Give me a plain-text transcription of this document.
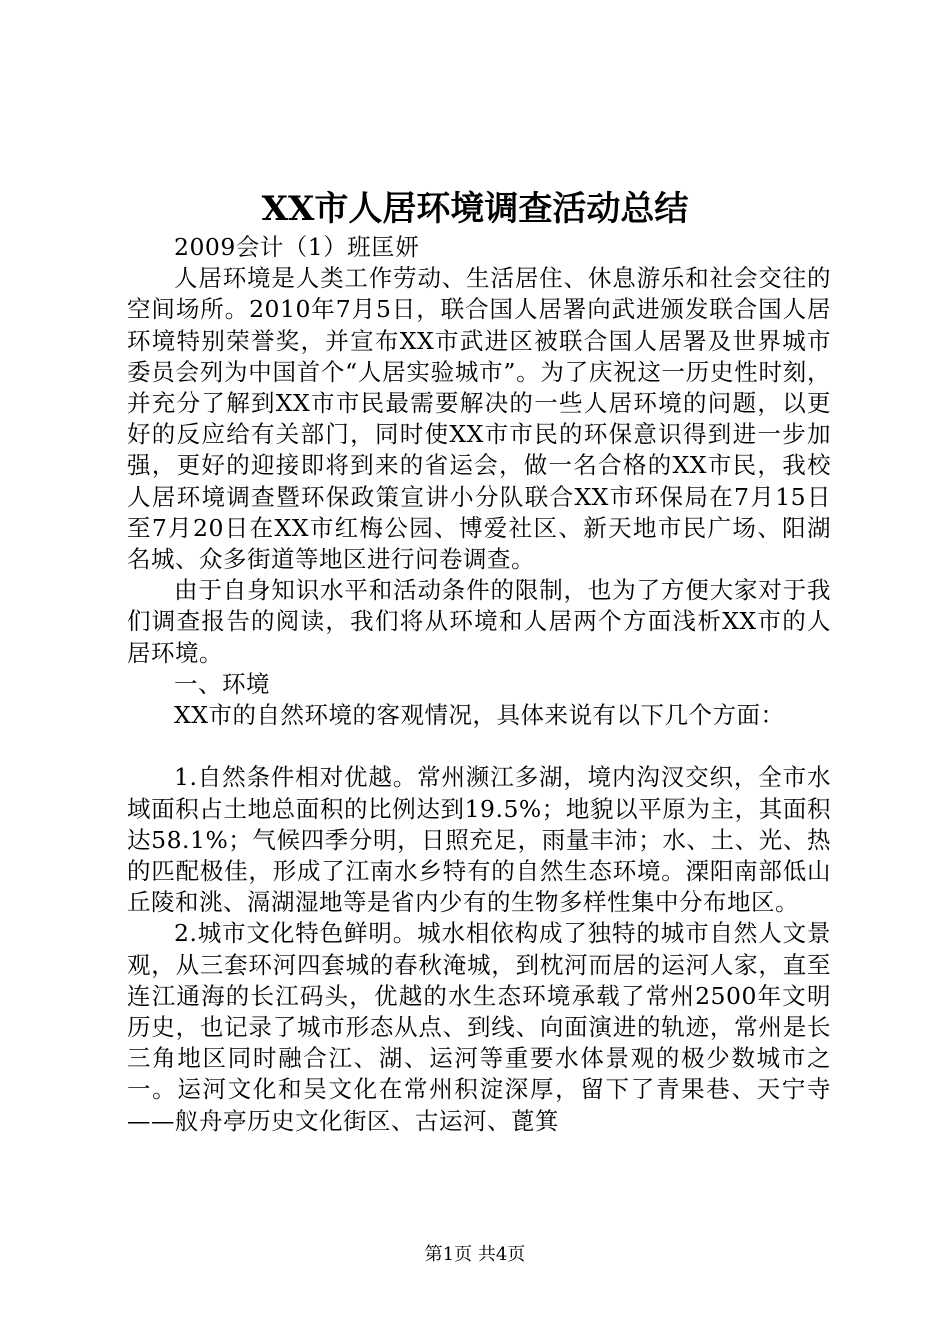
XX市人居环境调查活动总结

2009会计（1）班匡妍

人居环境是人类工作劳动、生活居住、休息游乐和社会交往的空间场所。2010年7月5日，联合国人居署向武进颁发联合国人居环境特别荣誉奖，并宣布XX市武进区被联合国人居署及世界城市委员会列为中国首个“人居实验城市”。为了庆祝这一历史性时刻，并充分了解到XX市市民最需要解决的一些人居环境的问题，以更好的反应给有关部门，同时使XX市市民的环保意识得到进一步加强，更好的迎接即将到来的省运会，做一名合格的XX市民，我校人居环境调查暨环保政策宣讲小分队联合XX市环保局在7月15日至7月20日在XX市红梅公园、博爱社区、新天地市民广场、阳湖名城、众多街道等地区进行问卷调查。

由于自身知识水平和活动条件的限制，也为了方便大家对于我们调查报告的阅读，我们将从环境和人居两个方面浅析XX市的人居环境。

一、环境

XX市的自然环境的客观情况，具体来说有以下几个方面：

1.自然条件相对优越。常州濒江多湖，境内沟汊交织，全市水域面积占土地总面积的比例达到19.5%；地貌以平原为主，其面积达58.1%；气候四季分明，日照充足，雨量丰沛；水、土、光、热的匹配极佳，形成了江南水乡特有的自然生态环境。溧阳南部低山丘陵和洮、滆湖湿地等是省内少有的生物多样性集中分布地区。

2.城市文化特色鲜明。城水相依构成了独特的城市自然人文景观，从三套环河四套城的春秋淹城，到枕河而居的运河人家，直至连江通海的长江码头，优越的水生态环境承载了常州2500年文明历史，也记录了城市形态从点、到线、向面演进的轨迹，常州是长三角地区同时融合江、湖、运河等重要水体景观的极少数城市之一。运河文化和吴文化在常州积淀深厚，留下了青果巷、天宁寺——舣舟亭历史文化街区、古运河、蓖箕

第1页 共4页
